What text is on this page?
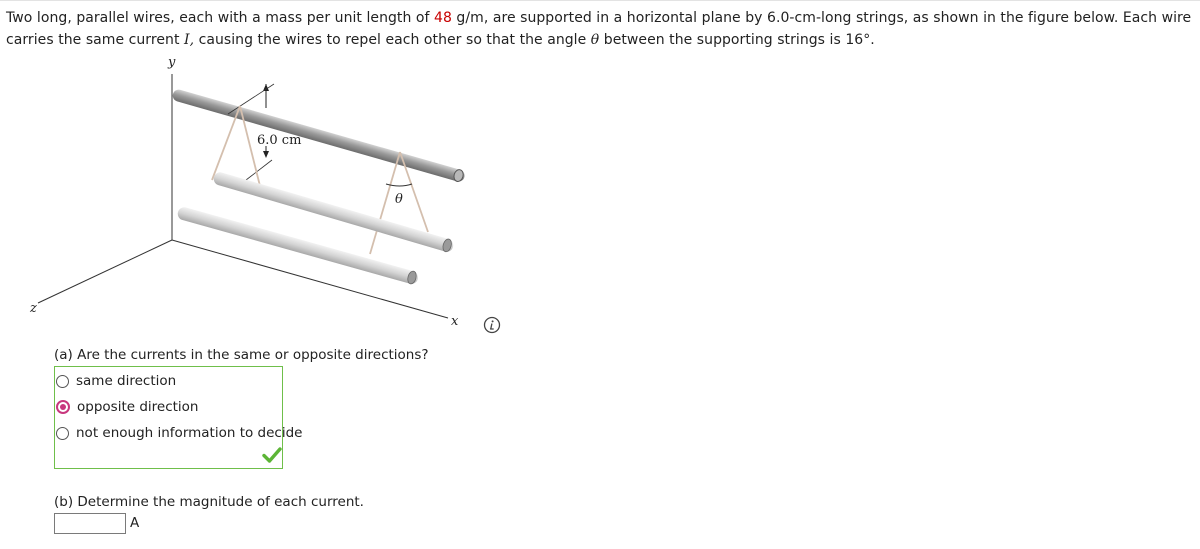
Two long, parallel wires, each with a mass per unit length of 48 g/m, are supported in a horizontal plane by 6.0-cm-long strings, as shown in the figure below. Each wire carries the same current I, causing the wires to repel each other so that the angle θ between the supporting strings is 16°.
y
z
x
6.0 cm
θ
(a) Are the currents in the same or opposite directions?
same direction
opposite direction
not enough information to decide
(b) Determine the magnitude of each current.
A
